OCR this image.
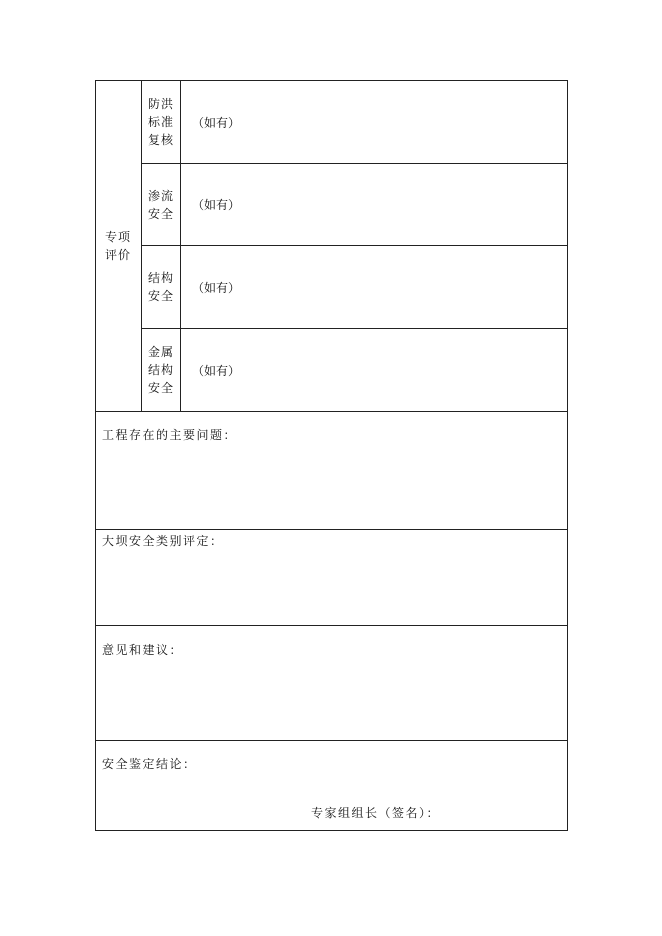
专项
评价
防洪
标准
复核
（如有）
渗流
安全
（如有）
结构
安全
（如有）
金属
结构
安全
（如有）
工程存在的主要问题：
大坝安全类别评定：
意见和建议：
安全鉴定结论：
专家组组长（签名）：
